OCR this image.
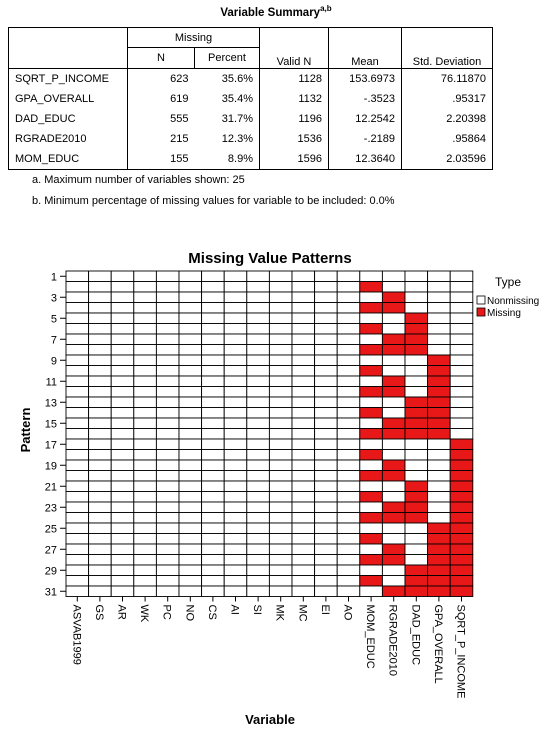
Variable Summary$^{a,b}$
	Missing		Valid N	Mean	Std. Deviation
	N	Percent			
SQRT_P_INCOME	623	35.6%	1128	153.6973	76.11870
GPA_OVERALL	619	35.4%	1132	-.3523	.95317
DAD_EDUC	555	31.7%	1196	12.2542	2.20398
RGRADE2010	215	12.3%	1536	-.2189	.95864
MOM_EDUC	155	8.9%	1596	12.3640	2.03596
a. Maximum number of variables shown: 25
b. Minimum percentage of missing values for variable to be included: 0.0%
Missing Value Patterns
Variable
Pattern
1
3
5
7
9
11
13
15
17
19
21
23
25
27
29
31
ASVAB1999 GS AR WK PC NO CS AI SI MK MC EI AO MOM_EDUC RGRADE2010 DAD_EDUC GPA_OVERALL SQRT_P_INCOME
Type
Nonmissing
Missing
